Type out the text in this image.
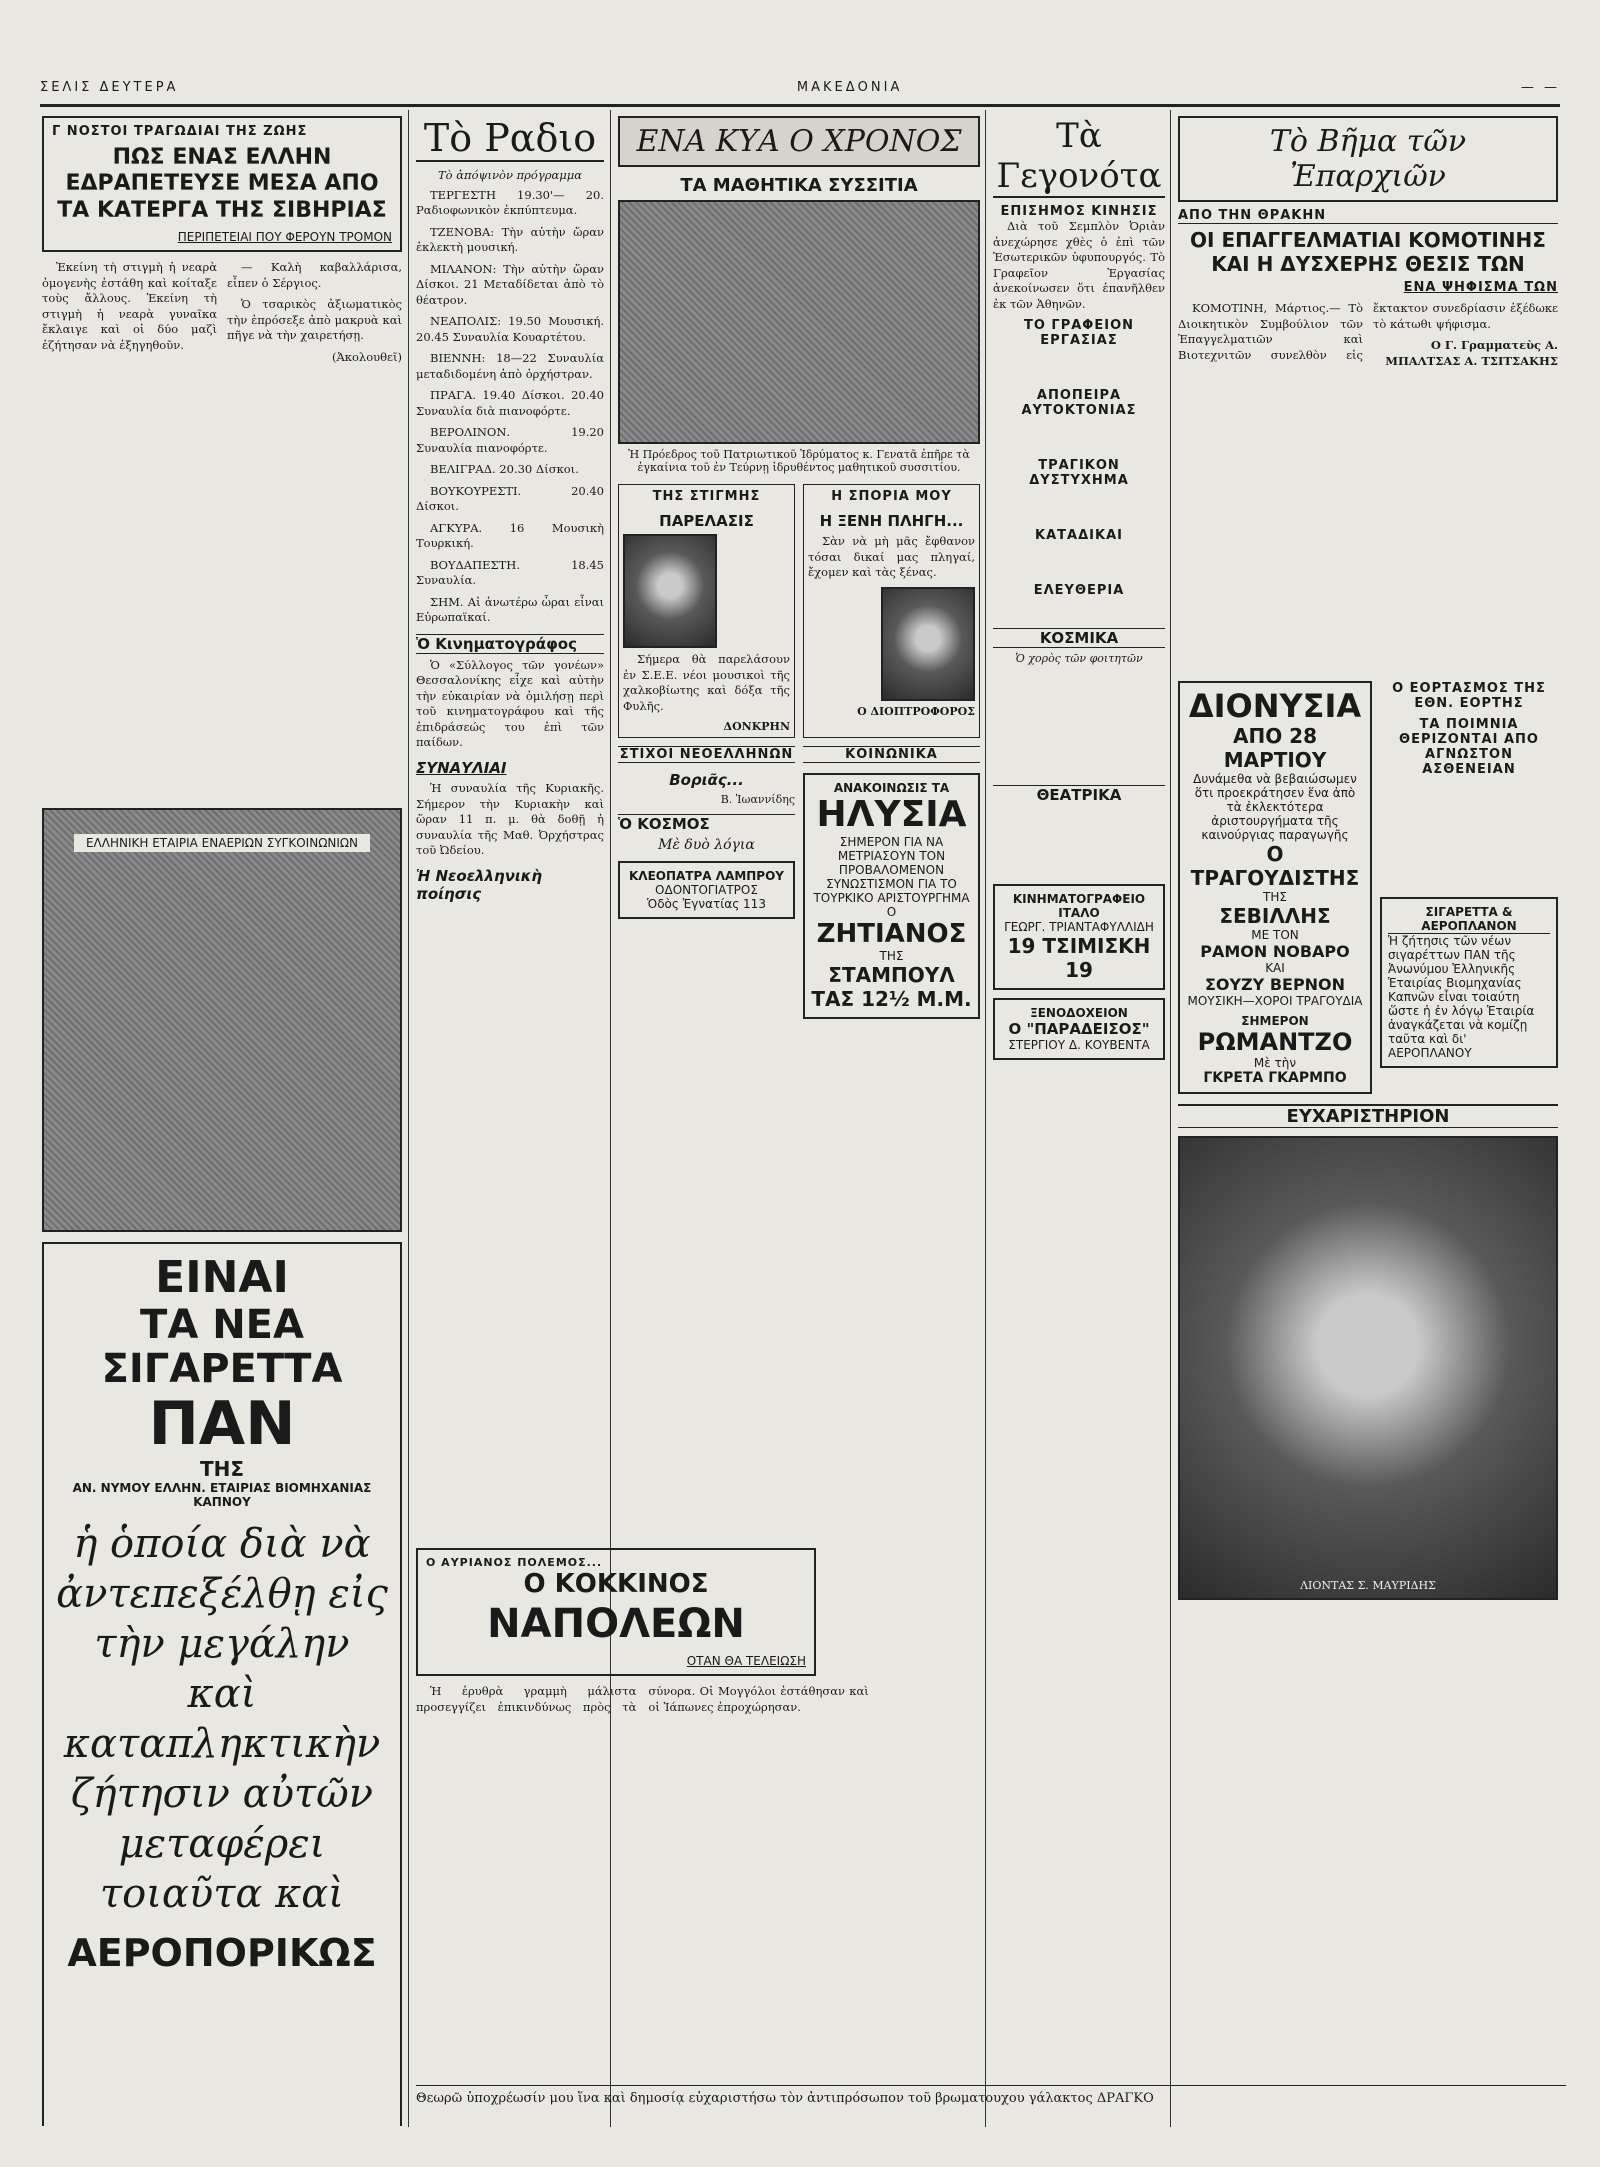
ΣΕΛΙΣ ΔΕΥΤΕΡΑ	ΜΑΚΕΔΟΝΙΑ	— —
Γ ΝΟΣΤΟΙ ΤΡΑΓΩΔΙΑΙ ΤΗΣ ΖΩΗΣ
ΠΩΣ ΕΝΑΣ ΕΛΛΗΝ ΕΔΡΑΠΕΤΕΥΣΕ ΜΕΣΑ ΑΠΟ ΤΑ ΚΑΤΕΡΓΑ ΤΗΣ ΣΙΒΗΡΙΑΣ
ΠΕΡΙΠΕΤΕΙΑΙ ΠΟΥ ΦΕΡΟΥΝ ΤΡΟΜΟΝ

Ἐκείνη τὴ στιγμὴ ἡ νεαρὰ ὁμογενὴς ἐστάθη καὶ κοίταξε τοὺς ἄλλους. Ἐκείνη τὴ στιγμὴ ἡ νεαρὰ γυναῖκα ἔκλαιγε καὶ οἱ δύο μαζὶ ἐζήτησαν νὰ ἐξηγηθοῦν.

— Καλὴ καβαλλάρισα, εἶπεν ὁ Σέργιος.

Ὁ τσαρικὸς ἀξιωματικὸς τὴν ἐπρόσεξε ἀπὸ μακρυὰ καὶ πῆγε νὰ τὴν χαιρετήσῃ.

(Ἀκολουθεῖ)

ΕΛΛΗΝΙΚΗ ΕΤΑΙΡΙΑ ΕΝΑΕΡΙΩΝ ΣΥΓΚΟΙΝΩΝΙΩΝ
ΕΙΝΑΙ
ΤΑ ΝΕΑ ΣΙΓΑΡΕΤΤΑ
ΠΑΝ
ΤΗΣ
ΑΝ. ΝΥΜΟΥ ΕΛΛΗΝ. ΕΤΑΙΡΙΑΣ ΒΙΟΜΗΧΑΝΙΑΣ ΚΑΠΝΟΥ
ἡ ὁποία διὰ νὰ ἀντεπεξέλθῃ εἰς τὴν μεγάλην καὶ καταπληκτικὴν ζήτησιν αὐτῶν μεταφέρει τοιαῦτα καὶ
ΑΕΡΟΠΟΡΙΚΩΣ
Τὸ Ραδιο
Τὸ ἀπόψινὸν πρόγραμμα

ΤΕΡΓΕΣΤΗ 19.30'— 20. Ραδιοφωνικὸν ἐκπύπτευμα.

ΤΖΕΝΟΒΑ: Τὴν αὐτὴν ὥραν ἐκλεκτὴ μουσική.

ΜΙΛΑΝΟΝ: Τὴν αὐτὴν ὥραν Δίσκοι. 21 Μεταδίδεται ἀπὸ τὸ θέατρον.

ΝΕΑΠΟΛΙΣ: 19.50 Μουσική. 20.45 Συναυλία Κουαρτέτου.

ΒΙΕΝΝΗ: 18—22 Συναυλία μεταδιδομένη ἀπὸ ὀρχήστραν.

ΠΡΑΓΑ. 19.40 Δίσκοι. 20.40 Συναυλία διὰ πιανοφόρτε.

ΒΕΡΟΛΙΝΟΝ. 19.20 Συναυλία πιανοφόρτε.

ΒΕΛΙΓΡΑΔ. 20.30 Δίσκοι.

ΒΟΥΚΟΥΡΕΣΤΙ. 20.40 Δίσκοι.

ΑΓΚΥΡΑ. 16 Μουσικὴ Τουρκική.

ΒΟΥΔΑΠΕΣΤΗ. 18.45 Συναυλία.

ΣΗΜ. Αἱ ἀνωτέρω ὧραι εἶναι Εὐρωπαϊκαί.

Ὁ Κινηματογράφος

Ὁ «Σύλλογος τῶν γονέων» Θεσσαλονίκης εἶχε καὶ αὐτὴν τὴν εὐκαιρίαν νὰ ὁμιλήσῃ περὶ τοῦ κινηματογράφου καὶ τῆς ἐπιδράσεώς του ἐπὶ τῶν παίδων.

ΣΥΝΑΥΛΙΑΙ

Ἡ συναυλία τῆς Κυριακῆς. Σήμερον τὴν Κυριακὴν καὶ ὥραν 11 π. μ. θὰ δοθῇ ἡ συναυλία τῆς Μαθ. Ὀρχήστρας τοῦ Ὠδείου.

Ἡ Νεοελληνικὴ ποίησις
ΕΝΑ ΚΥΑ Ο ΧΡΟΝΟΣ
ΤΑ ΜΑΘΗΤΙΚΑ ΣΥΣΣΙΤΙΑ
Ἡ Πρόεδρος τοῦ Πατριωτικοῦ Ἱδρύματος κ. Γενατᾶ ἐπῆρε τὰ ἐγκαίνια τοῦ ἐν Τεύρνῃ ἱδρυθέντος μαθητικοῦ συσσιτίου.
ΤΗΣ ΣΤΙΓΜΗΣ
ΠΑΡΕΛΑΣΙΣ

Σήμερα θὰ παρελάσουν ἐν Σ.Ε.Ε. νέοι μουσικοὶ τῆς χαλκοβίωτης καὶ δόξα τῆς Φυλῆς.

ΔΟΝΚΡΗΝ
Η ΣΠΟΡΙΑ ΜΟΥ
Η ΞΕΝΗ ΠΛΗΓΗ...

Σὰν νὰ μὴ μᾶς ἔφθανον τόσαι δικαί μας πληγαί, ἔχομεν καὶ τὰς ξένας.

Ο ΔΙΟΠΤΡΟΦΟΡΟΣ
ΣΤΙΧΟΙ ΝΕΟΕΛΛΗΝΩΝ
Βοριᾶς...
Β. Ἰωαννίδης
Ὁ ΚΟΣΜΟΣ
Μὲ δυὸ λόγια
ΚΛΕΟΠΑΤΡΑ ΛΑΜΠΡΟΥ
ΟΔΟΝΤΟΓΙΑΤΡΟΣ
Ὁδὸς Ἐγνατίας 113
ΚΟΙΝΩΝΙΚΑ
ΑΝΑΚΟΙΝΩΣΙΣ ΤΑ
ΗΛΥΣΙΑ
ΣΗΜΕΡΟΝ ΓΙΑ ΝΑ ΜΕΤΡΙΑΣΟΥΝ ΤΟΝ ΠΡΟΒΑΛΟΜΕΝΟΝ ΣΥΝΩΣΤΙΣΜΟΝ ΓΙΑ ΤΟ ΤΟΥΡΚΙΚΟ ΑΡΙΣΤΟΥΡΓΗΜΑ Ο
ΖΗΤΙΑΝΟΣ
ΤΗΣ
ΣΤΑΜΠΟΥΛ
ΤΑΣ 12½ Μ.Μ.
Τὰ Γεγονότα
ΕΠΙΣΗΜΟΣ ΚΙΝΗΣΙΣ

Διὰ τοῦ Σεμπλὸν Ὀριὰν ἀνεχώρησε χθὲς ὁ ἐπὶ τῶν Ἐσωτερικῶν ὑφυπουργός. Τὸ Γραφεῖον Ἐργασίας ἀνεκοίνωσεν ὅτι ἐπανῆλθεν ἐκ τῶν Ἀθηνῶν.

ΤΟ ΓΡΑΦΕΙΟΝ ΕΡΓΑΣΙΑΣ
ΑΠΟΠΕΙΡΑ ΑΥΤΟΚΤΟΝΙΑΣ
ΤΡΑΓΙΚΟΝ ΔΥΣΤΥΧΗΜΑ
ΚΑΤΑΔΙΚΑΙ
ΕΛΕΥΘΕΡΙΑ
ΚΟΣΜΙΚΑ
Ὁ χορὸς τῶν φοιτητῶν
ΘΕΑΤΡΙΚΑ
ΚΙΝΗΜΑΤΟΓΡΑΦΕΙΟ ΙΤΑΛΟ
ΓΕΩΡΓ. ΤΡΙΑΝΤΑΦΥΛΛΙΔΗ
19 ΤΣΙΜΙΣΚΗ 19
ΞΕΝΟΔΟΧΕΙΟΝ
Ο "ΠΑΡΑΔΕΙΣΟΣ"
ΣΤΕΡΓΙΟΥ Δ. ΚΟΥΒΕΝΤΑ
Τὸ Βῆμα τῶν Ἐπαρχιῶν
ΑΠΟ ΤΗΝ ΘΡΑΚΗΝ
ΟΙ ΕΠΑΓΓΕΛΜΑΤΙΑΙ ΚΟΜΟΤΙΝΗΣ ΚΑΙ Η ΔΥΣΧΕΡΗΣ ΘΕΣΙΣ ΤΩΝ
ΕΝΑ ΨΗΦΙΣΜΑ ΤΩΝ

ΚΟΜΟΤΙΝΗ, Μάρτιος.— Τὸ Διοικητικὸν Συμβούλιον τῶν Ἐπαγγελματιῶν καὶ Βιοτεχνιτῶν συνελθὸν εἰς ἔκτακτον συνεδρίασιν ἐξέδωκε τὸ κάτωθι ψήφισμα.

Ο Γ. Γραμματεὺς Α. ΜΠΑΛΤΣΑΣ Α. ΤΣΙΤΣΑΚΗΣ

ΔΙΟΝΥΣΙΑ
ΑΠΟ 28 ΜΑΡΤΙΟΥ
Δυνάμεθα νὰ βεβαιώσωμεν ὅτι προεκράτησεν ἕνα ἀπὸ τὰ ἐκλεκτότερα ἀριστουργήματα τῆς καινούργιας παραγωγῆς
Ο ΤΡΑΓΟΥΔΙΣΤΗΣ
ΤΗΣ
ΣΕΒΙΛΛΗΣ
ΜΕ ΤΟΝ
ΡΑΜΟΝ ΝΟΒΑΡΟ
ΚΑΙ
ΣΟΥΖΥ ΒΕΡΝΟΝ
ΜΟΥΣΙΚΗ—ΧΟΡΟΙ ΤΡΑΓΟΥΔΙΑ
ΣΗΜΕΡΟΝ
ΡΩΜΑΝΤΖΟ
Μὲ τὴν
ΓΚΡΕΤΑ ΓΚΑΡΜΠΟ
Ο ΕΟΡΤΑΣΜΟΣ ΤΗΣ ΕΘΝ. ΕΟΡΤΗΣ
ΤΑ ΠΟΙΜΝΙΑ ΘΕΡΙΖΟΝΤΑΙ ΑΠΟ ΑΓΝΩΣΤΟΝ ΑΣΘΕΝΕΙΑΝ
ΣΙΓΑΡΕΤΤΑ & ΑΕΡΟΠΛΑΝΟΝ
Ἡ ζήτησις τῶν νέων σιγαρέττων ΠΑΝ τῆς Ἀνωνύμου Ἑλληνικῆς Ἑταιρίας Βιομηχανίας Καπνῶν εἶναι τοιαύτη ὥστε ἡ ἐν λόγῳ Ἑταιρία ἀναγκάζεται νὰ κομίζῃ ταῦτα καὶ δι' ΑΕΡΟΠΛΑΝΟΥ
ΕΥΧΑΡΙΣΤΗΡΙΟΝ
ΛΙΟΝΤΑΣ Σ. ΜΑΥΡΙΔΗΣ
Ο ΑΥΡΙΑΝΟΣ ΠΟΛΕΜΟΣ...
Ο ΚΟΚΚΙΝΟΣ
ΝΑΠΟΛΕΩΝ
ΟΤΑΝ ΘΑ ΤΕΛΕΙΩΣΗ

Ἡ ἐρυθρὰ γραμμὴ μάλιστα προσεγγίζει ἐπικινδύνως πρὸς τὰ σύνορα. Οἱ Μογγόλοι ἐστάθησαν καὶ οἱ Ἰάπωνες ἐπροχώρησαν.

Θεωρῶ ὑποχρέωσίν μου ἵνα καὶ δημοσίᾳ εὐχαριστήσω τὸν ἀντιπρόσωπον τοῦ βρωματουχου γάλακτος ΔΡΑΓΚΟ
